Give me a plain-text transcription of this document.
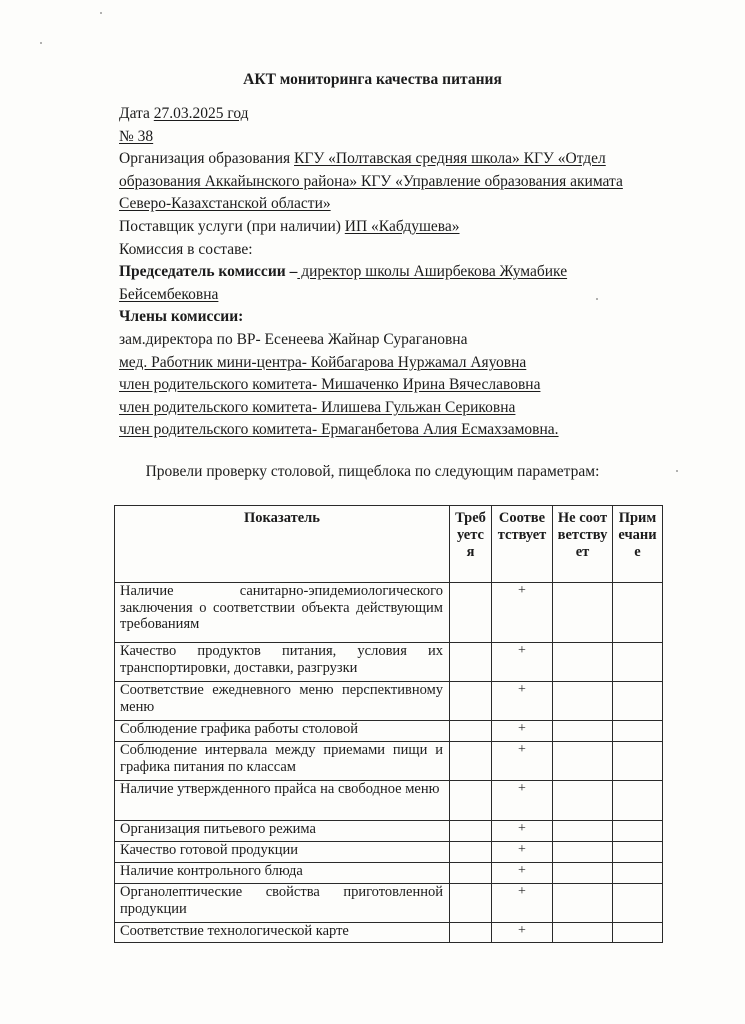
АКТ мониторинга качества питания
Дата 27.03.2025 год
№ 38
Организация образования КГУ «Полтавская средняя школа» КГУ «Отдел
образования Аккайынского района» КГУ «Управление образования акимата
Северо-Казахстанской области»
Поставщик услуги (при наличии) ИП «Кабдушева»
Комиссия в составе:
Председатель комиссии – директор школы Аширбекова Жумабике
Бейсембековна
Члены комиссии:
зам.директора по ВР- Есенеева Жайнар Сурагановна
мед. Работник мини-центра- Койбагарова Нуржамал Аяуовна
член родительского комитета- Мишаченко Ирина Вячеславовна
член родительского комитета- Илишева Гульжан Сериковна
член родительского комитета- Ермаганбетова Алия Есмахзамовна.
Провели проверку столовой, пищеблока по следующим параметрам:
Показатель	Требуется	Соответствует	Не соответствует	Примечание
Наличие санитарно-эпидемиологического заключения о соответствии объекта действующим требованиям		+		
Качество продуктов питания, условия их транспортировки, доставки, разгрузки		+		
Соответствие ежедневного меню перспективному меню		+		
Соблюдение графика работы столовой		+		
Соблюдение интервала между приемами пищи и графика питания по классам		+		
Наличие утвержденного прайса на свободное меню		+		
Организация питьевого режима		+		
Качество готовой продукции		+		
Наличие контрольного блюда		+		
Органолептические свойства приготовленной продукции		+		
Соответствие технологической карте		+		
